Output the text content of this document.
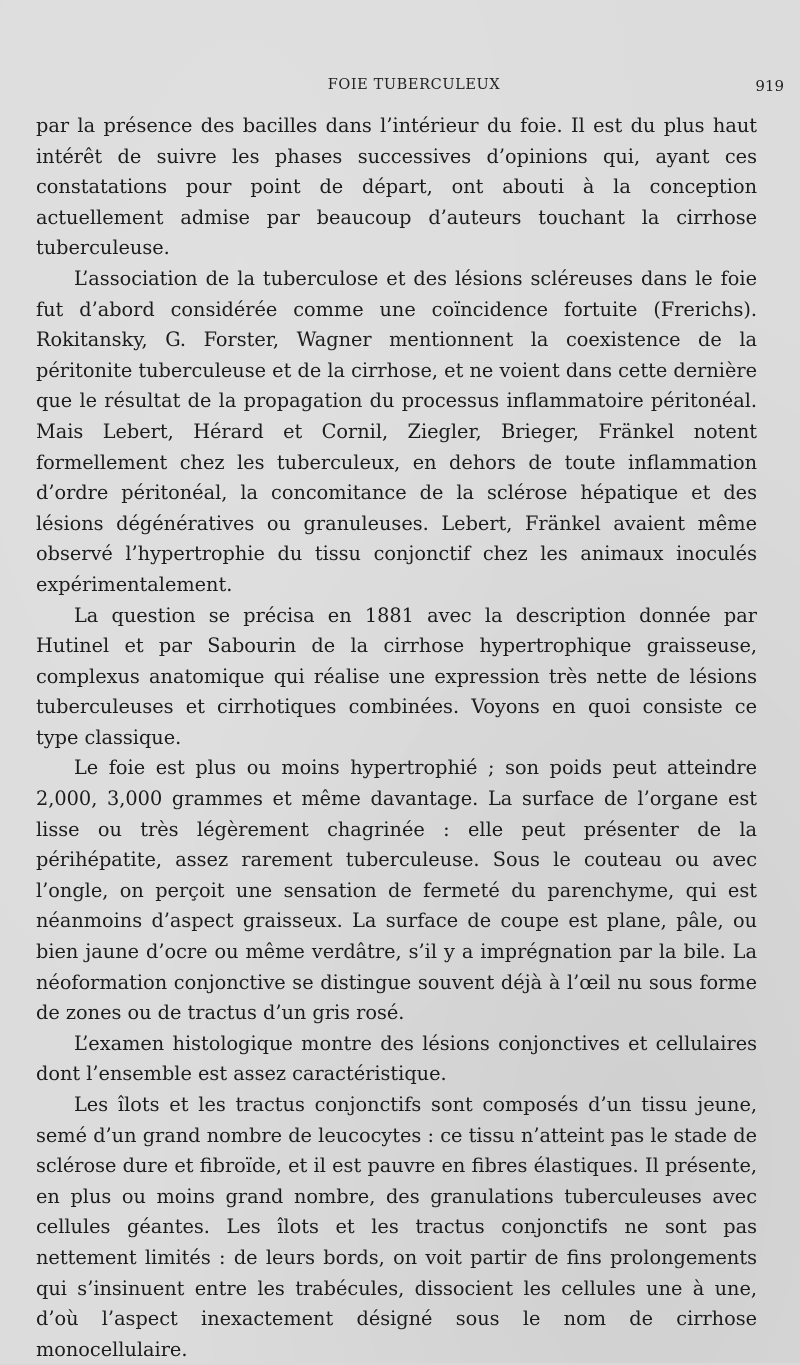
FOIE TUBERCULEUX	919

par la présence des bacilles dans l’intérieur du foie. Il est du plus haut intérêt de suivre les phases successives d’opinions qui, ayant ces constatations pour point de départ, ont abouti à la conception actuellement admise par beaucoup d’auteurs touchant la cirrhose tuberculeuse.

L’association de la tuberculose et des lésions scléreuses dans le foie fut d’abord considérée comme une coïncidence fortuite (Frerichs). Rokitansky, G. Forster, Wagner mentionnent la coexistence de la péritonite tuberculeuse et de la cirrhose, et ne voient dans cette dernière que le résultat de la propagation du processus inflammatoire péritonéal. Mais Lebert, Hérard et Cornil, Ziegler, Brieger, Fränkel notent formellement chez les tuberculeux, en dehors de toute inflammation d’ordre péritonéal, la concomitance de la sclérose hépatique et des lésions dégénératives ou granuleuses. Lebert, Fränkel avaient même observé l’hypertrophie du tissu conjonctif chez les animaux inoculés expérimentalement.

La question se précisa en 1881 avec la description donnée par Hutinel et par Sabourin de la cirrhose hypertrophique graisseuse, complexus anatomique qui réalise une expression très nette de lésions tuberculeuses et cirrhotiques combinées. Voyons en quoi consiste ce type classique.

Le foie est plus ou moins hypertrophié ; son poids peut atteindre 2,000, 3,000 grammes et même davantage. La surface de l’organe est lisse ou très légèrement chagrinée : elle peut présenter de la périhépatite, assez rarement tuberculeuse. Sous le couteau ou avec l’ongle, on perçoit une sensation de fermeté du parenchyme, qui est néanmoins d’aspect graisseux. La surface de coupe est plane, pâle, ou bien jaune d’ocre ou même verdâtre, s’il y a imprégnation par la bile. La néoformation conjonctive se distingue souvent déjà à l’œil nu sous forme de zones ou de tractus d’un gris rosé.

L’examen histologique montre des lésions conjonctives et cellulaires dont l’ensemble est assez caractéristique.

Les îlots et les tractus conjonctifs sont composés d’un tissu jeune, semé d’un grand nombre de leucocytes : ce tissu n’atteint pas le stade de sclérose dure et fibroïde, et il est pauvre en fibres élastiques. Il présente, en plus ou moins grand nombre, des granulations tuberculeuses avec cellules géantes. Les îlots et les tractus conjonctifs ne sont pas nettement limités : de leurs bords, on voit partir de fins prolongements qui s’insinuent entre les trabécules, dissocient les cellules une à une, d’où l’aspect inexactement désigné sous le nom de cirrhose monocellulaire.
